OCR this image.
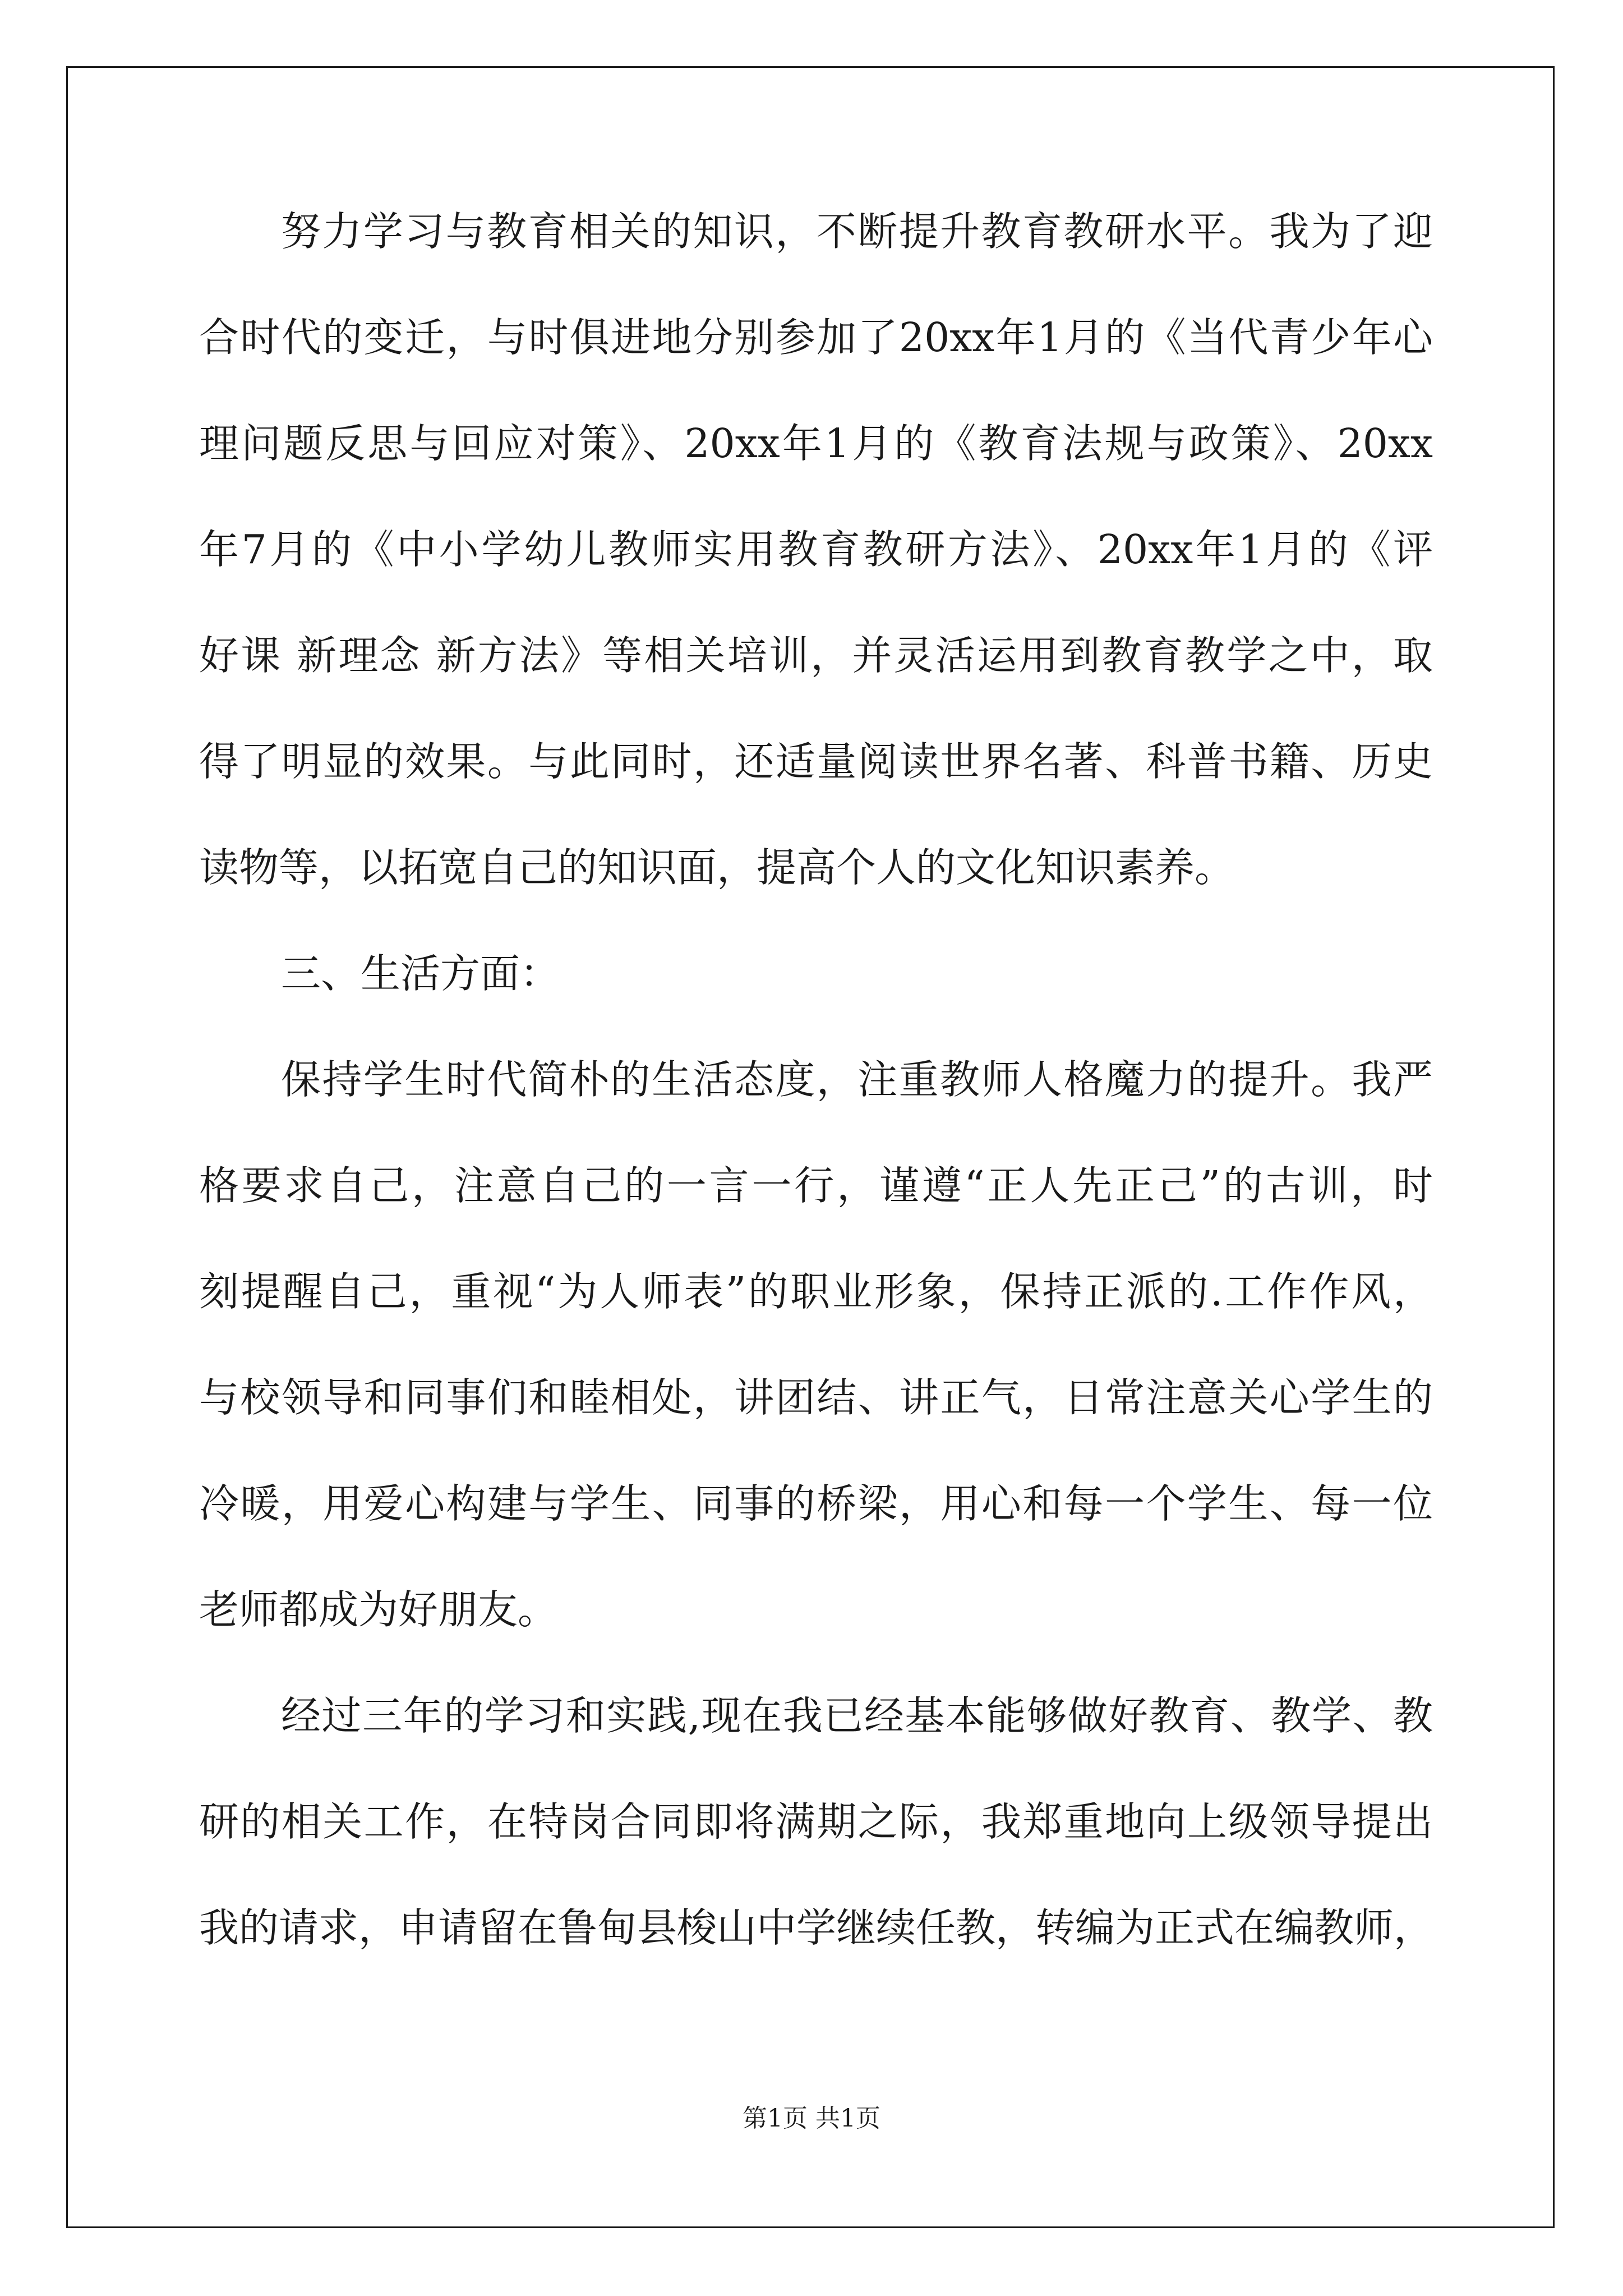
努力学习与教育相关的知识，不断提升教育教研水平。我为了迎
合时代的变迁，与时俱进地分别参加了20xx年1月的《当代青少年心
理问题反思与回应对策》、20xx年1月的《教育法规与政策》、20xx
年7月的《中小学幼儿教师实用教育教研方法》、20xx年1月的《评
好课 新理念 新方法》等相关培训，并灵活运用到教育教学之中，取
得了明显的效果。与此同时，还适量阅读世界名著、科普书籍、历史
读物等，以拓宽自己的知识面，提高个人的文化知识素养。
三、生活方面：
保持学生时代简朴的生活态度，注重教师人格魔力的提升。我严
格要求自己，注意自己的一言一行，谨遵“正人先正己”的古训，时
刻提醒自己，重视“为人师表”的职业形象，保持正派的.工作作风，
与校领导和同事们和睦相处，讲团结、讲正气，日常注意关心学生的
冷暖，用爱心构建与学生、同事的桥梁，用心和每一个学生、每一位
老师都成为好朋友。
经过三年的学习和实践,现在我已经基本能够做好教育、教学、教
研的相关工作，在特岗合同即将满期之际，我郑重地向上级领导提出
我的请求，申请留在鲁甸县梭山中学继续任教，转编为正式在编教师，
第1页 共1页
